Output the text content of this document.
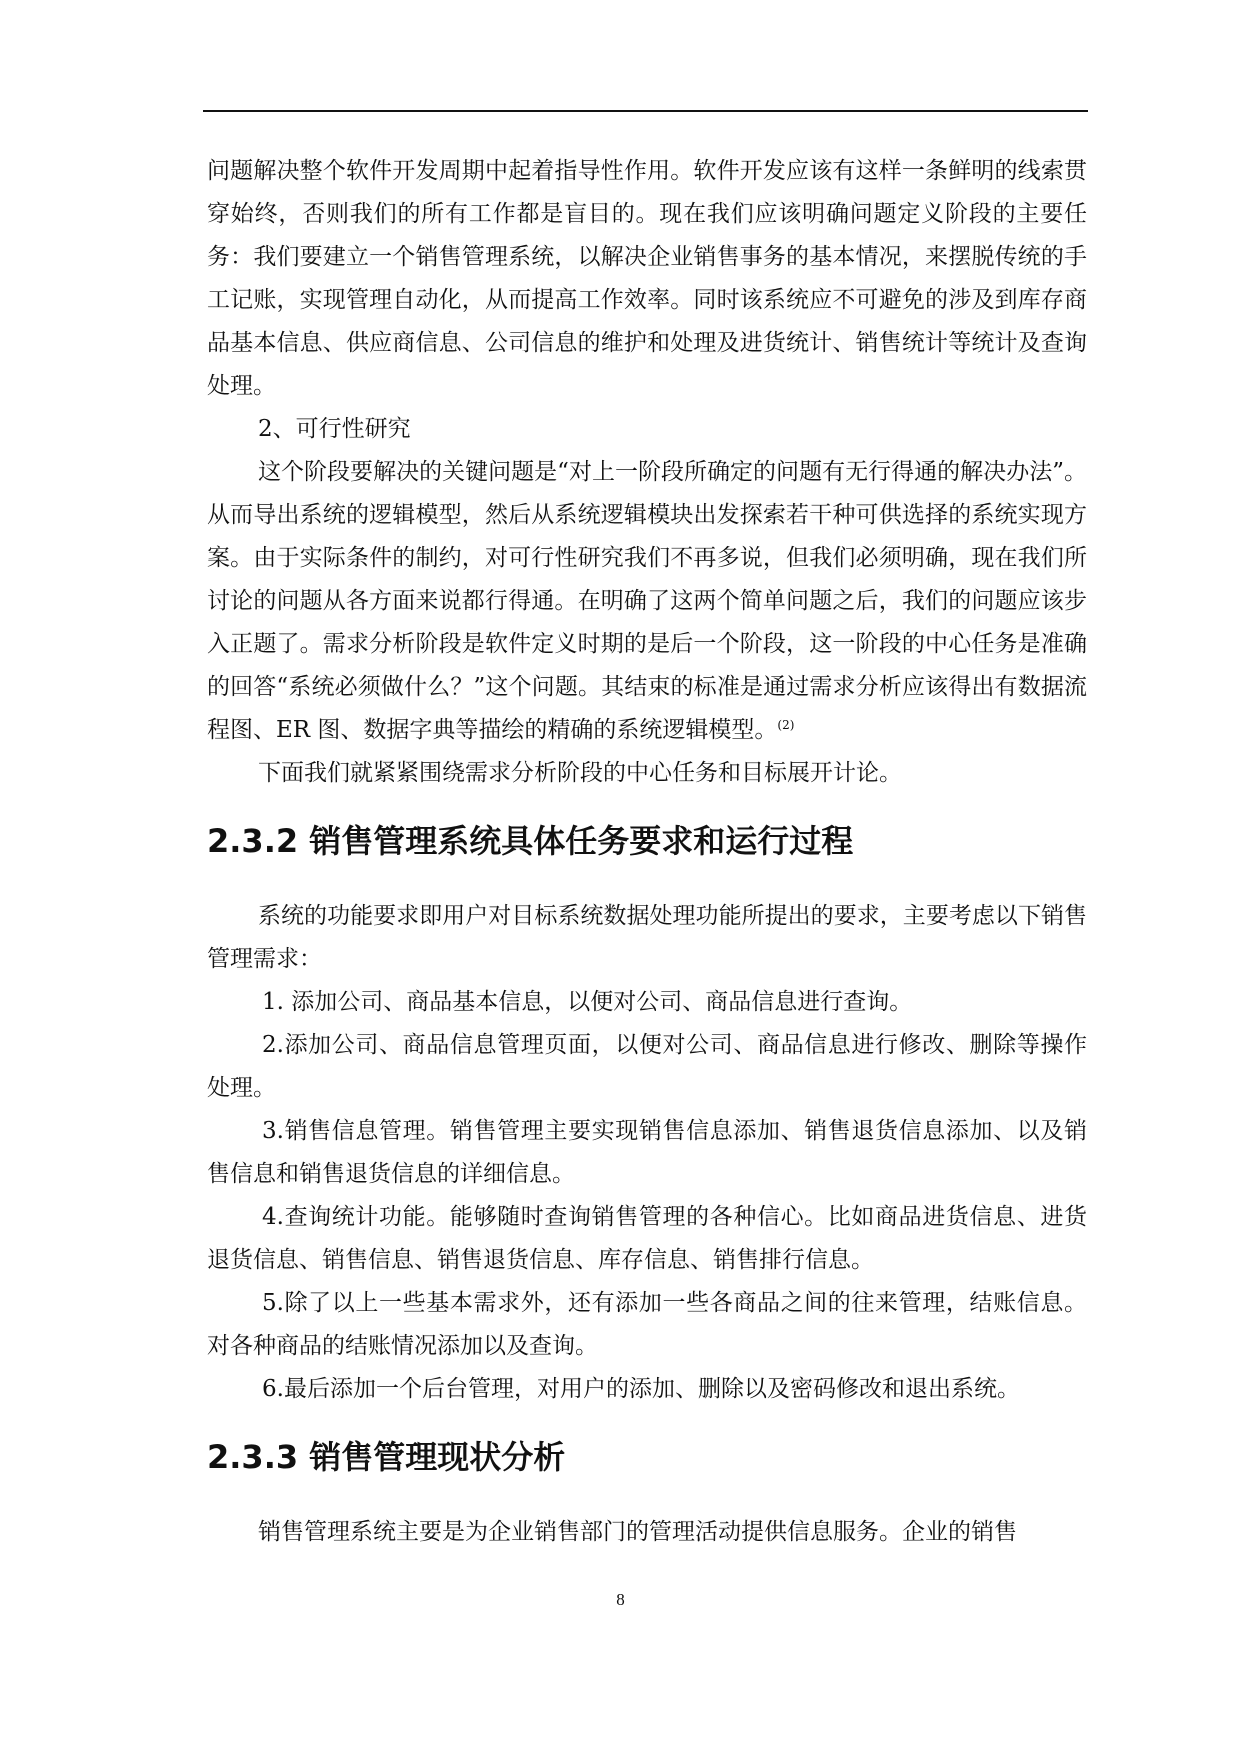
问题解决整个软件开发周期中起着指导性作用。软件开发应该有这样一条鲜明的线索贯穿始终，否则我们的所有工作都是盲目的。现在我们应该明确问题定义阶段的主要任务：我们要建立一个销售管理系统，以解决企业销售事务的基本情况，来摆脱传统的手工记账，实现管理自动化，从而提高工作效率。同时该系统应不可避免的涉及到库存商品基本信息、供应商信息、公司信息的维护和处理及进货统计、销售统计等统计及查询处理。

2、可行性研究

这个阶段要解决的关键问题是“对上一阶段所确定的问题有无行得通的解决办法”。从而导出系统的逻辑模型，然后从系统逻辑模块出发探索若干种可供选择的系统实现方案。由于实际条件的制约，对可行性研究我们不再多说，但我们必须明确，现在我们所讨论的问题从各方面来说都行得通。在明确了这两个简单问题之后，我们的问题应该步入正题了。需求分析阶段是软件定义时期的是后一个阶段，这一阶段的中心任务是准确的回答“系统必须做什么？”这个问题。其结束的标准是通过需求分析应该得出有数据流程图、ER 图、数据字典等描绘的精确的系统逻辑模型。$^{(2)}$

下面我们就紧紧围绕需求分析阶段的中心任务和目标展开计论。

2.3.2 销售管理系统具体任务要求和运行过程

系统的功能要求即用户对目标系统数据处理功能所提出的要求，主要考虑以下销售管理需求：

1. 添加公司、商品基本信息，以便对公司、商品信息进行查询。

2.添加公司、商品信息管理页面，以便对公司、商品信息进行修改、删除等操作处理。

3.销售信息管理。销售管理主要实现销售信息添加、销售退货信息添加、以及销售信息和销售退货信息的详细信息。

4.查询统计功能。能够随时查询销售管理的各种信心。比如商品进货信息、进货退货信息、销售信息、销售退货信息、库存信息、销售排行信息。

5.除了以上一些基本需求外，还有添加一些各商品之间的往来管理，结账信息。对各种商品的结账情况添加以及查询。

6.最后添加一个后台管理，对用户的添加、删除以及密码修改和退出系统。

2.3.3 销售管理现状分析

销售管理系统主要是为企业销售部门的管理活动提供信息服务。企业的销售

8
